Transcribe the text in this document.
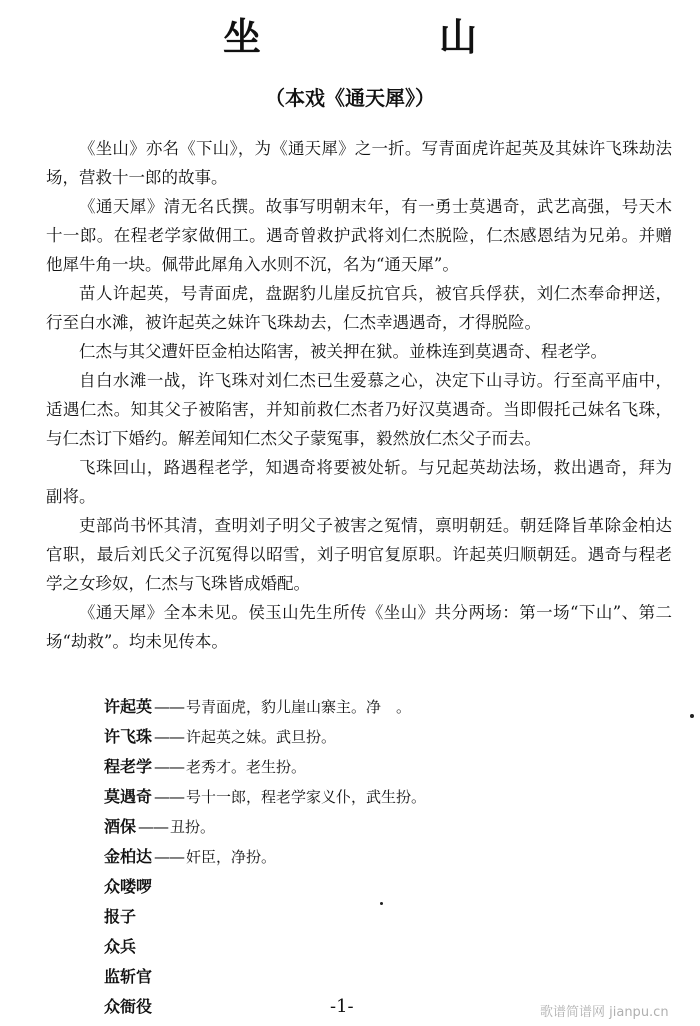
坐　山
（本戏《通天犀》）

《坐山》亦名《下山》，为《通天犀》之一折。写青面虎许起英及其妹许飞珠劫法场，营救十一郎的故事。

《通天犀》清无名氏撰。故事写明朝末年，有一勇士莫遇奇，武艺高强，号天木十一郎。在程老学家做佣工。遇奇曾救护武将刘仁杰脱险，仁杰感恩结为兄弟。并赠他犀牛角一块。佩带此犀角入水则不沉，名为“通天犀”。

苗人许起英，号青面虎，盘踞豹儿崖反抗官兵，被官兵俘获，刘仁杰奉命押送，行至白水滩，被许起英之妹许飞珠劫去，仁杰幸遇遇奇，才得脱险。

仁杰与其父遭奸臣金柏达陷害，被关押在狱。並株连到莫遇奇、程老学。

自白水滩一战，许飞珠对刘仁杰已生爱慕之心，决定下山寻访。行至高平庙中，适遇仁杰。知其父子被陷害，并知前救仁杰者乃好汉莫遇奇。当即假托己妹名飞珠，与仁杰订下婚约。解差闻知仁杰父子蒙冤事，毅然放仁杰父子而去。

飞珠回山，路遇程老学，知遇奇将要被处斩。与兄起英劫法场，救出遇奇，拜为副将。

吏部尚书怀其清，查明刘子明父子被害之冤情，禀明朝廷。朝廷降旨革除金柏达官职，最后刘氏父子沉冤得以昭雪，刘子明官复原职。许起英归顺朝廷。遇奇与程老学之女珍奴，仁杰与飞珠皆成婚配。

《通天犀》全本未见。侯玉山先生所传《坐山》共分两场：第一场“下山”、第二场“劫救”。均未见传本。

许起英 —— 号青面虎，豹儿崖山寨主。净　。
许飞珠 —— 许起英之妹。武旦扮。
程老学 —— 老秀才。老生扮。
莫遇奇 —— 号十一郎，程老学家义仆，武生扮。
酒保 —— 丑扮。
金柏达 —— 奸臣，净扮。
众喽啰
报子
众兵
监斩官
众衙役	-1-	歌谱简谱网 jianpu.cn
